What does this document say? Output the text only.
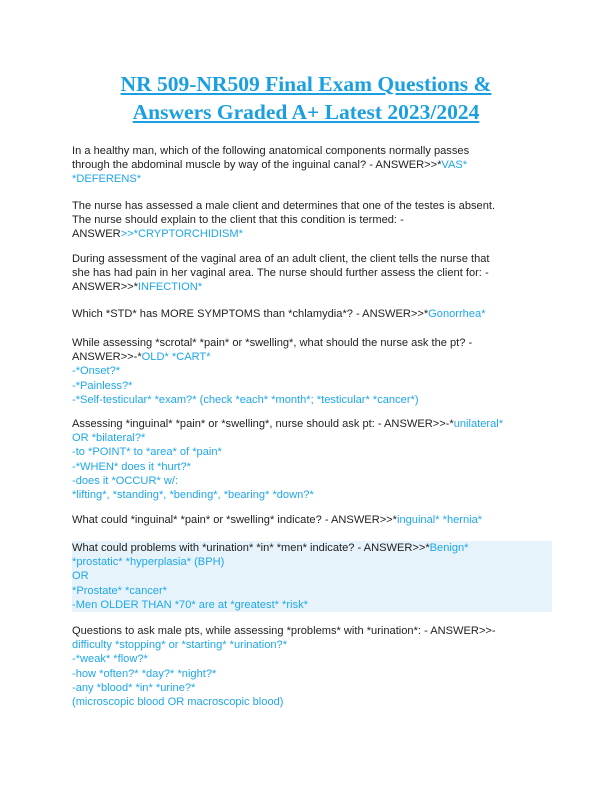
NR 509-NR509 Final Exam Questions &
Answers Graded A+ Latest 2023/2024
In a healthy man, which of the following anatomical components normally passes
through the abdominal muscle by way of the inguinal canal? - ANSWER>>*VAS*
*DEFERENS*
The nurse has assessed a male client and determines that one of the testes is absent.
The nurse should explain to the client that this condition is termed: -
ANSWER>>*CRYPTORCHIDISM*
During assessment of the vaginal area of an adult client, the client tells the nurse that
she has had pain in her vaginal area. The nurse should further assess the client for: -
ANSWER>>*INFECTION*
Which *STD* has MORE SYMPTOMS than *chlamydia*? - ANSWER>>*Gonorrhea*
While assessing *scrotal* *pain* or *swelling*, what should the nurse ask the pt? -
ANSWER>>-*OLD* *CART*
-*Onset?*
-*Painless?*
-*Self-testicular* *exam?* (check *each* *month*; *testicular* *cancer*)
Assessing *inguinal* *pain* or *swelling*, nurse should ask pt: - ANSWER>>-*unilateral*
OR *bilateral?*
-to *POINT* to *area* of *pain*
-*WHEN* does it *hurt?*
-does it *OCCUR* w/:
*lifting*, *standing*, *bending*, *bearing* *down?*
What could *inguinal* *pain* or *swelling* indicate? - ANSWER>>*inguinal* *hernia*
What could problems with *urination* *in* *men* indicate? - ANSWER>>*Benign*
*prostatic* *hyperplasia* (BPH)
OR
*Prostate* *cancer*
-Men OLDER THAN *70* are at *greatest* *risk*
Questions to ask male pts, while assessing *problems* with *urination*: - ANSWER>>-
difficulty *stopping* or *starting* *urination?*
-*weak* *flow?*
-how *often?* *day?* *night?*
-any *blood* *in* *urine?*
(microscopic blood OR macroscopic blood)
